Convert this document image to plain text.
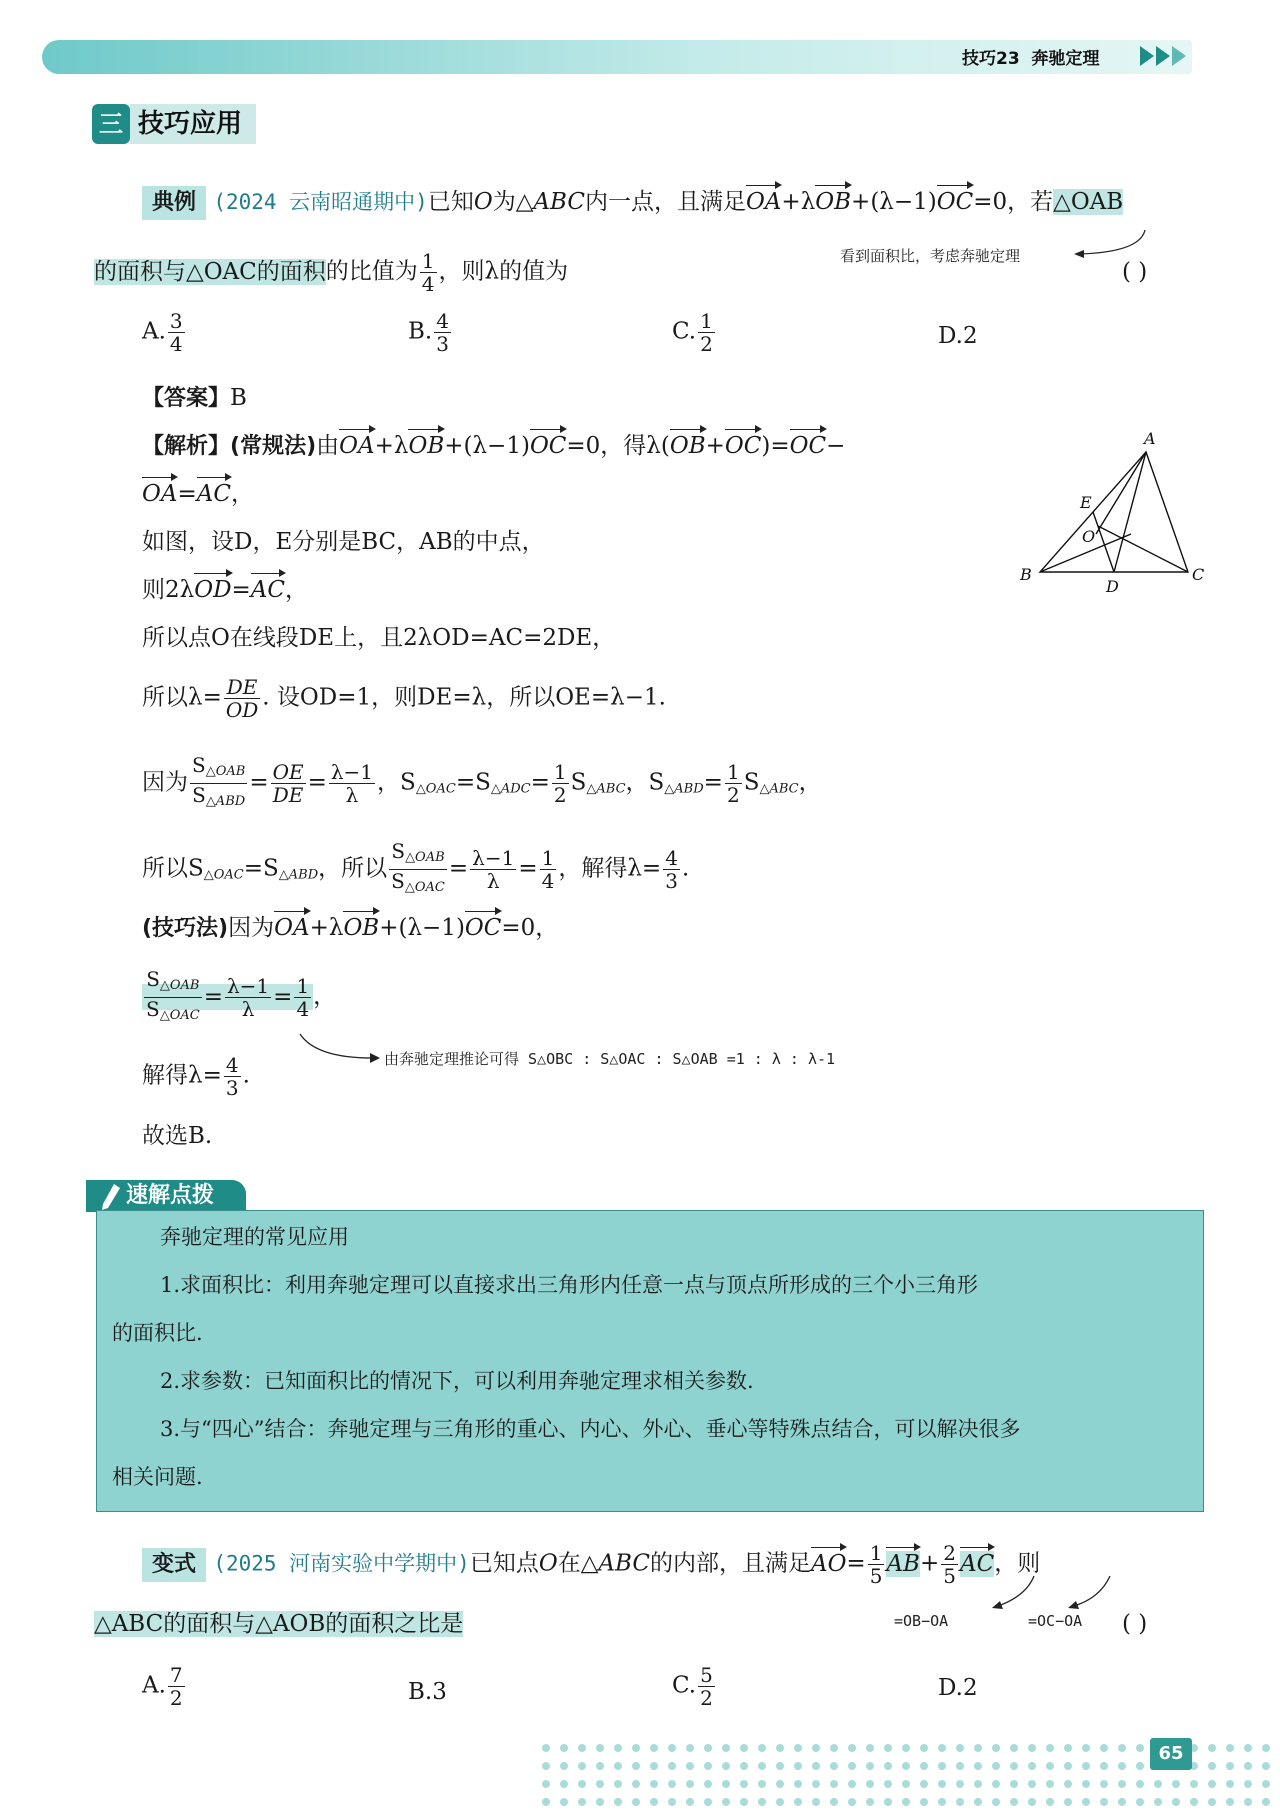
技巧23 奔驰定理
三 技巧应用
典例 (2024 云南昭通期中)已知O为△ABC内一点，且满足OA+λOB+(λ−1)OC=0，若△OAB
的面积与△OAC的面积的比值为 $\frac{1}{4}$ ，则λ的值为
看到面积比，考虑奔驰定理
( )
A. $\frac{3}{4}$	B. $\frac{4}{3}$	C. $\frac{1}{2}$	D.2
【答案】B
【解析】(常规法)由OA+λOB+(λ−1)OC=0，得λ(OB+OC)=OC−
OA=AC，
如图，设D，E分别是BC，AB的中点，
则2λOD=AC，
所以点O在线段DE上，且2λOD=AC=2DE，
所以$\lambda= \frac{DE}{OD}$ . 设OD=1，则DE=λ，所以OE=λ−1.
因为 $\frac{S_{\triangle OAB}}{S_{\triangle ABD}} = \frac{OE}{DE} = \frac{\lambda-1}{\lambda}$ ，$S_{\triangle OAC}=S_{\triangle ADC}= \frac{1}{2} S_{\triangle ABC}$，$S_{\triangle ABD}= \frac{1}{2} S_{\triangle ABC}$，
所以$S_{\triangle OAC}=S_{\triangle ABD}$，所以 $\frac{S_{\triangle OAB}}{S_{\triangle OAC}} = \frac{\lambda-1}{\lambda} = \frac{1}{4}$ ，解得$\lambda= \frac{4}{3}$ .
(技巧法)因为OA+λOB+(λ−1)OC=0，
$\frac{S_{\triangle OAB}}{S_{\triangle OAC}} = \frac{\lambda-1}{\lambda} = \frac{1}{4}$ ，
由奔驰定理推论可得 S△OBC : S△OAC : S△OAB =1 : λ : λ-1
解得$\lambda= \frac{4}{3}$ .
故选B.
A
E
O
B
D
C
速解点拨
奔驰定理的常见应用
1.求面积比：利用奔驰定理可以直接求出三角形内任意一点与顶点所形成的三个小三角形
的面积比.
2.求参数：已知面积比的情况下，可以利用奔驰定理求相关参数.
3.与“四心”结合：奔驰定理与三角形的重心、内心、外心、垂心等特殊点结合，可以解决很多
相关问题.
变式 (2025 河南实验中学期中)已知点O在△ABC的内部，且满足$AO= \frac{1}{5} AB+ \frac{2}{5}$ AC，则
△ABC的面积与△AOB的面积之比是	=OB−OA	=OC−OA ( )
A. $\frac{7}{2}$	B.3	C. $\frac{5}{2}$	D.2
65
